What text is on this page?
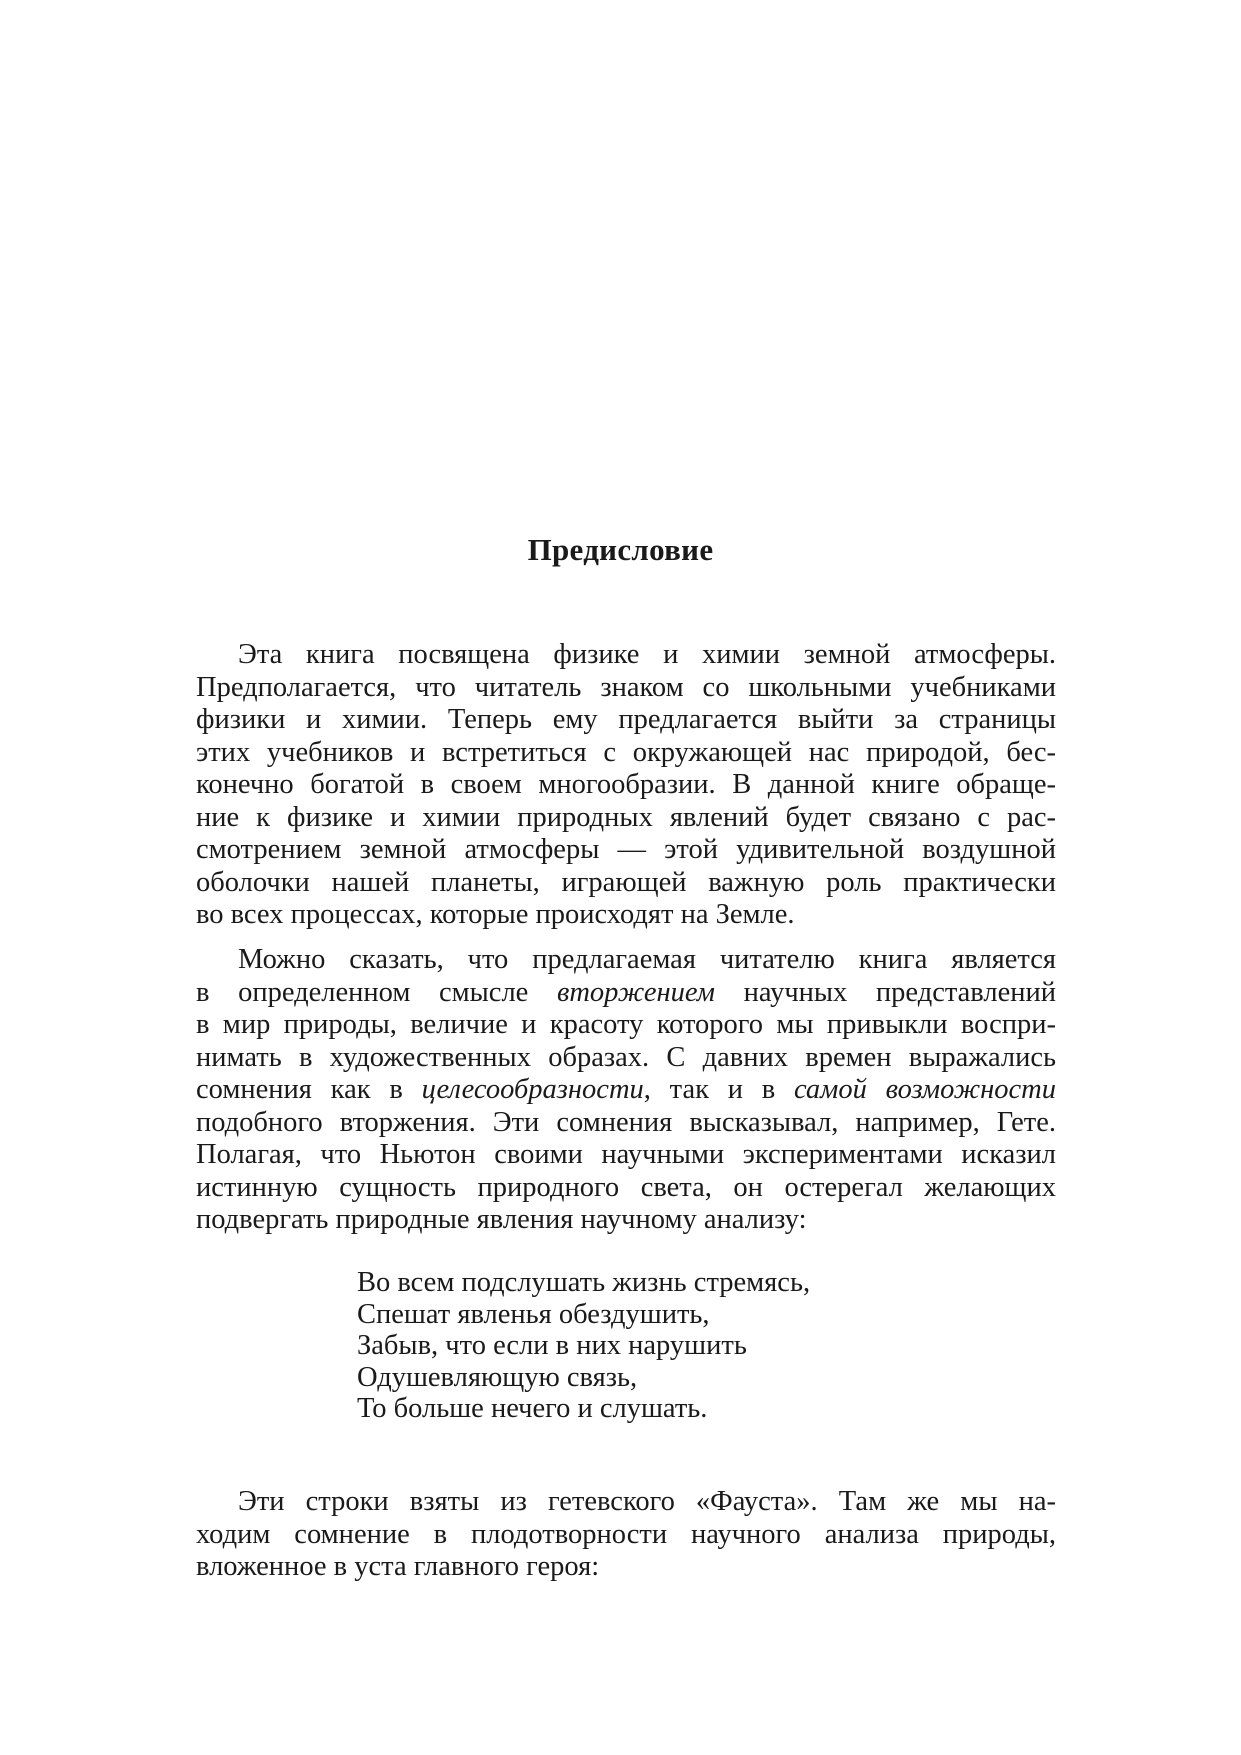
Предисловие
Эта книга посвящена физике и химии земной атмосферы.
Предполагается, что читатель знаком со школьными учебниками
физики и химии. Теперь ему предлагается выйти за страницы
этих учебников и встретиться с окружающей нас природой, бес-
конечно богатой в своем многообразии. В данной книге обраще-
ние к физике и химии природных явлений будет связано с рас-
смотрением земной атмосферы — этой удивительной воздушной
оболочки нашей планеты, играющей важную роль практически
во всех процессах, которые происходят на Земле.
Можно сказать, что предлагаемая читателю книга является
в определенном смысле вторжением научных представлений
в мир природы, величие и красоту которого мы привыкли воспри-
нимать в художественных образах. С давних времен выражались
сомнения как в целесообразности, так и в самой возможности
подобного вторжения. Эти сомнения высказывал, например, Гете.
Полагая, что Ньютон своими научными экспериментами исказил
истинную сущность природного света, он остерегал желающих
подвергать природные явления научному анализу:
Во всем подслушать жизнь стремясь,
Спешат явленья обездушить,
Забыв, что если в них нарушить
Одушевляющую связь,
То больше нечего и слушать.
Эти строки взяты из гетевского «Фауста». Там же мы на-
ходим сомнение в плодотворности научного анализа природы,
вложенное в уста главного героя:
